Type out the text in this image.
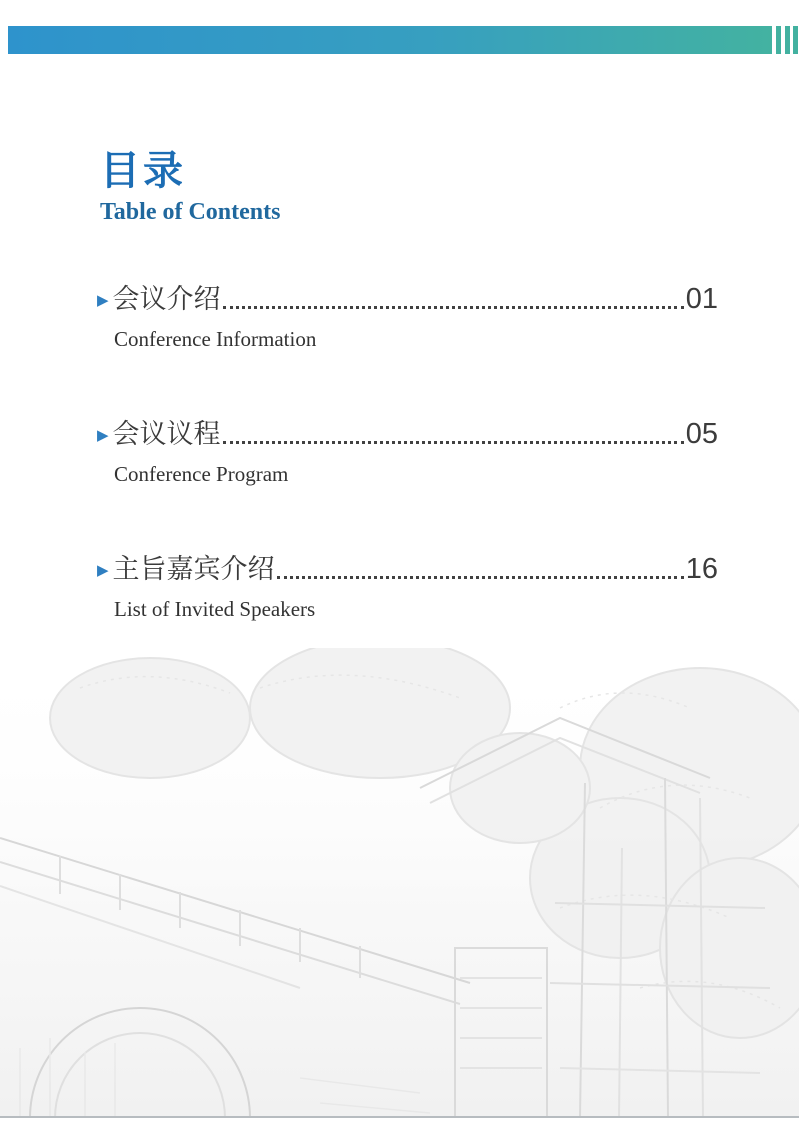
目录
Table of Contents
▶ 会议介绍	01
Conference Information
▶ 会议议程	05
Conference Program
▶ 主旨嘉宾介绍	16
List of Invited Speakers
